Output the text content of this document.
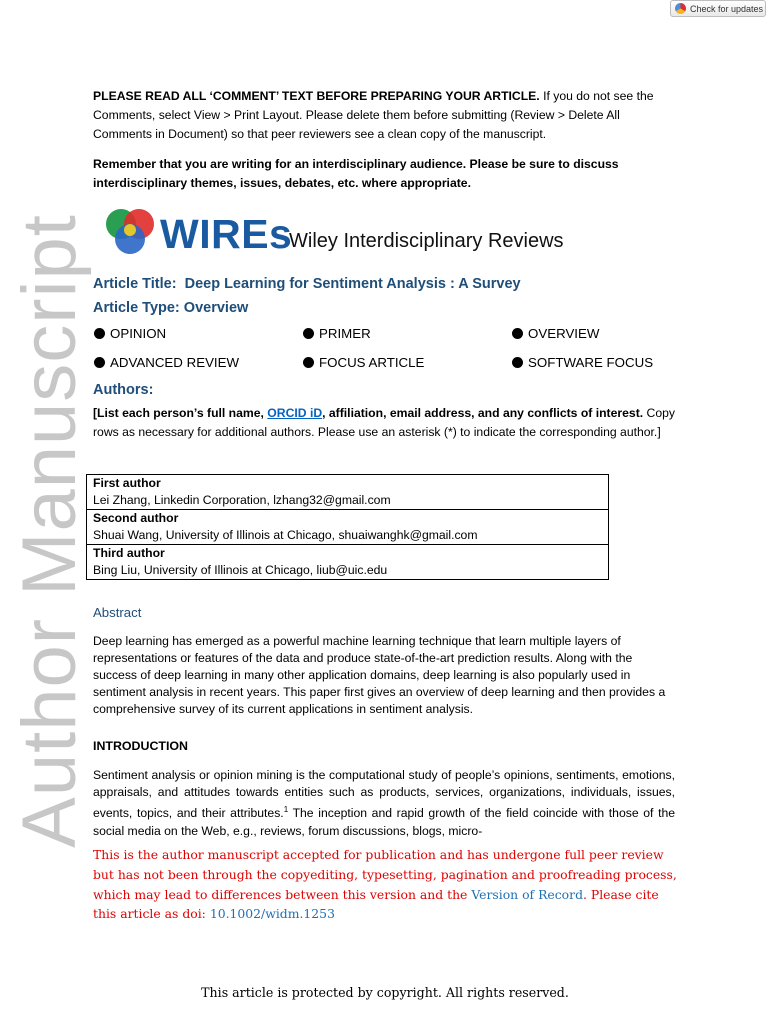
Check for updates
Author Manuscript
PLEASE READ ALL ‘COMMENT’ TEXT BEFORE PREPARING YOUR ARTICLE. If you do not see the Comments, select View > Print Layout. Please delete them before submitting (Review > Delete All Comments in Document) so that peer reviewers see a clean copy of the manuscript.
Remember that you are writing for an interdisciplinary audience. Please be sure to discuss interdisciplinary themes, issues, debates, etc. where appropriate.
WIREs
Wiley Interdisciplinary Reviews
Article Title: Deep Learning for Sentiment Analysis : A Survey
Article Type: Overview
OPINION	PRIMER	OVERVIEW
ADVANCED REVIEW	FOCUS ARTICLE	SOFTWARE FOCUS
Authors:
[List each person’s full name, ORCID iD, affiliation, email address, and any conflicts of interest. Copy rows as necessary for additional authors. Please use an asterisk (*) to indicate the corresponding author.]
First author
Lei Zhang, Linkedin Corporation, lzhang32@gmail.com
Second author
Shuai Wang, University of Illinois at Chicago, shuaiwanghk@gmail.com
Third author
Bing Liu, University of Illinois at Chicago, liub@uic.edu
Abstract
Deep learning has emerged as a powerful machine learning technique that learn multiple layers of representations or features of the data and produce state-of-the-art prediction results. Along with the success of deep learning in many other application domains, deep learning is also popularly used in sentiment analysis in recent years. This paper first gives an overview of deep learning and then provides a comprehensive survey of its current applications in sentiment analysis.
INTRODUCTION
Sentiment analysis or opinion mining is the computational study of people’s opinions, sentiments, emotions, appraisals, and attitudes towards entities such as products, services, organizations, individuals, issues, events, topics, and their attributes.$^1$ The inception and rapid growth of the field coincide with those of the social media on the Web, e.g., reviews, forum discussions, blogs, micro-
This is the author manuscript accepted for publication and has undergone full peer review but has not been through the copyediting, typesetting, pagination and proofreading process, which may lead to differences between this version and the Version of Record. Please cite this article as doi: 10.1002/widm.1253
This article is protected by copyright. All rights reserved.
